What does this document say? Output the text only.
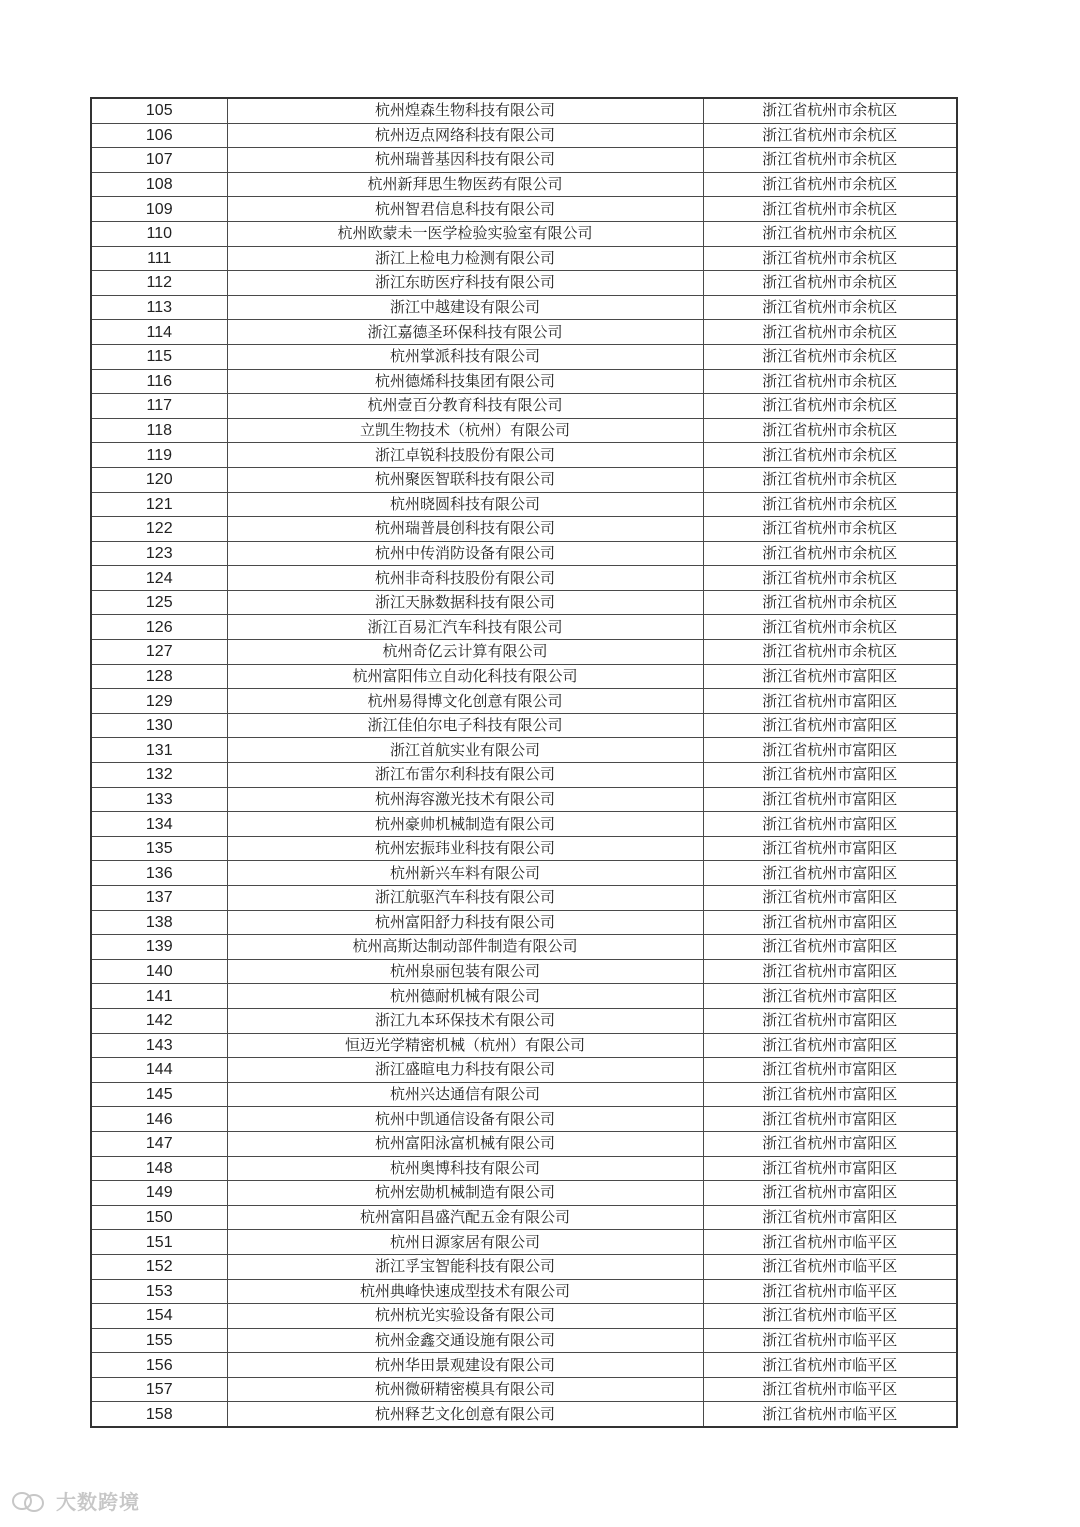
105	杭州煌森生物科技有限公司	浙江省杭州市余杭区
106	杭州迈点网络科技有限公司	浙江省杭州市余杭区
107	杭州瑞普基因科技有限公司	浙江省杭州市余杭区
108	杭州新拜思生物医药有限公司	浙江省杭州市余杭区
109	杭州智君信息科技有限公司	浙江省杭州市余杭区
110	杭州欧蒙未一医学检验实验室有限公司	浙江省杭州市余杭区
111	浙江上检电力检测有限公司	浙江省杭州市余杭区
112	浙江东昉医疗科技有限公司	浙江省杭州市余杭区
113	浙江中越建设有限公司	浙江省杭州市余杭区
114	浙江嘉德圣环保科技有限公司	浙江省杭州市余杭区
115	杭州掌派科技有限公司	浙江省杭州市余杭区
116	杭州德烯科技集团有限公司	浙江省杭州市余杭区
117	杭州壹百分教育科技有限公司	浙江省杭州市余杭区
118	立凯生物技术（杭州）有限公司	浙江省杭州市余杭区
119	浙江卓锐科技股份有限公司	浙江省杭州市余杭区
120	杭州聚医智联科技有限公司	浙江省杭州市余杭区
121	杭州晓圆科技有限公司	浙江省杭州市余杭区
122	杭州瑞普晨创科技有限公司	浙江省杭州市余杭区
123	杭州中传消防设备有限公司	浙江省杭州市余杭区
124	杭州非奇科技股份有限公司	浙江省杭州市余杭区
125	浙江天脉数据科技有限公司	浙江省杭州市余杭区
126	浙江百易汇汽车科技有限公司	浙江省杭州市余杭区
127	杭州奇亿云计算有限公司	浙江省杭州市余杭区
128	杭州富阳伟立自动化科技有限公司	浙江省杭州市富阳区
129	杭州易得博文化创意有限公司	浙江省杭州市富阳区
130	浙江佳伯尔电子科技有限公司	浙江省杭州市富阳区
131	浙江首航实业有限公司	浙江省杭州市富阳区
132	浙江布雷尔利科技有限公司	浙江省杭州市富阳区
133	杭州海容激光技术有限公司	浙江省杭州市富阳区
134	杭州豪帅机械制造有限公司	浙江省杭州市富阳区
135	杭州宏振玮业科技有限公司	浙江省杭州市富阳区
136	杭州新兴车料有限公司	浙江省杭州市富阳区
137	浙江航驱汽车科技有限公司	浙江省杭州市富阳区
138	杭州富阳舒力科技有限公司	浙江省杭州市富阳区
139	杭州高斯达制动部件制造有限公司	浙江省杭州市富阳区
140	杭州泉丽包装有限公司	浙江省杭州市富阳区
141	杭州德耐机械有限公司	浙江省杭州市富阳区
142	浙江九本环保技术有限公司	浙江省杭州市富阳区
143	恒迈光学精密机械（杭州）有限公司	浙江省杭州市富阳区
144	浙江盛暄电力科技有限公司	浙江省杭州市富阳区
145	杭州兴达通信有限公司	浙江省杭州市富阳区
146	杭州中凯通信设备有限公司	浙江省杭州市富阳区
147	杭州富阳泳富机械有限公司	浙江省杭州市富阳区
148	杭州奥博科技有限公司	浙江省杭州市富阳区
149	杭州宏勋机械制造有限公司	浙江省杭州市富阳区
150	杭州富阳昌盛汽配五金有限公司	浙江省杭州市富阳区
151	杭州日源家居有限公司	浙江省杭州市临平区
152	浙江孚宝智能科技有限公司	浙江省杭州市临平区
153	杭州典峰快速成型技术有限公司	浙江省杭州市临平区
154	杭州杭光实验设备有限公司	浙江省杭州市临平区
155	杭州金鑫交通设施有限公司	浙江省杭州市临平区
156	杭州华田景观建设有限公司	浙江省杭州市临平区
157	杭州微研精密模具有限公司	浙江省杭州市临平区
158	杭州释艺文化创意有限公司	浙江省杭州市临平区
大数跨境
